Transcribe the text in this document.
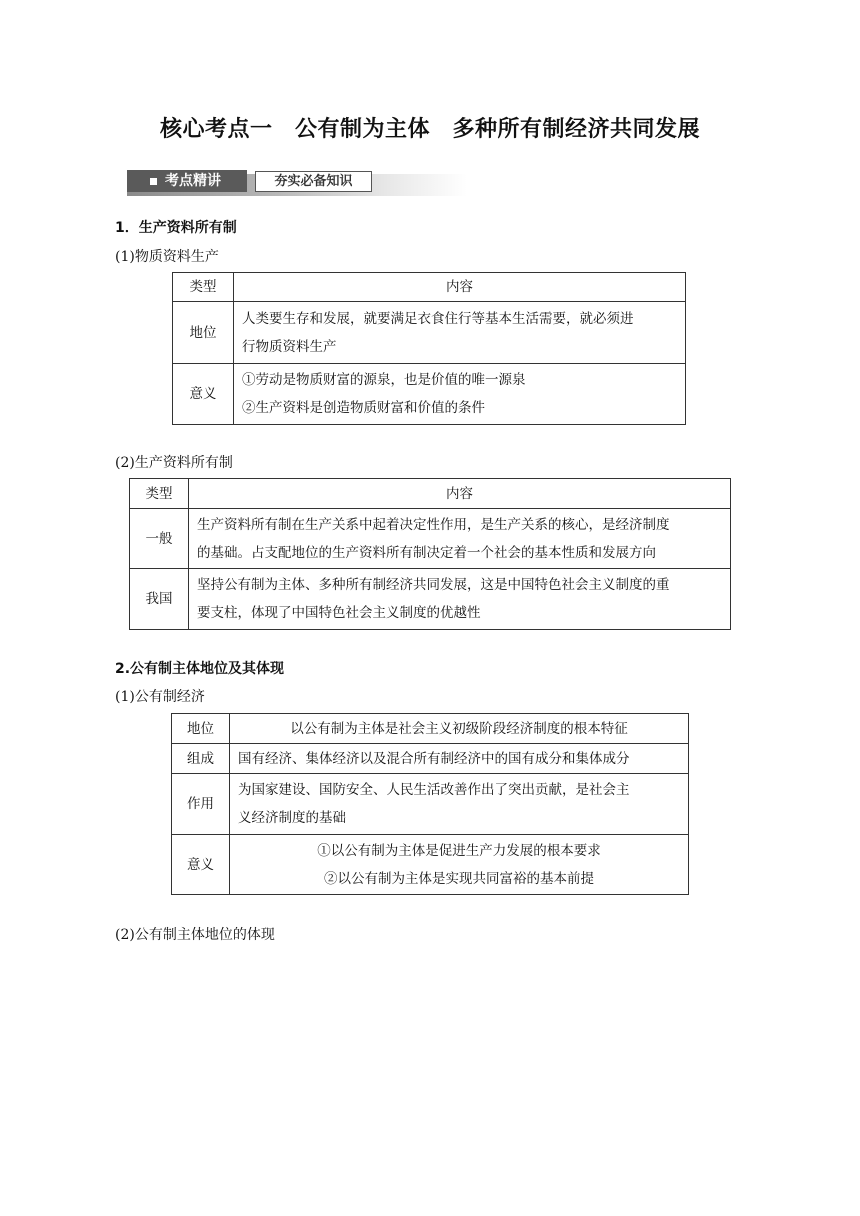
核心考点一　公有制为主体　多种所有制经济共同发展
考点精讲	夯实必备知识
1．生产资料所有制
(1)物质资料生产
类型	内容
地位	人类要生存和发展，就要满足衣食住行等基本生活需要，就必须进
行物质资料生产

意义	①劳动是物质财富的源泉，也是价值的唯一源泉
②生产资料是创造物质财富和价值的条件
(2)生产资料所有制
类型	内容
一般	生产资料所有制在生产关系中起着决定性作用，是生产关系的核心，是经济制度
的基础。占支配地位的生产资料所有制决定着一个社会的基本性质和发展方向

我国	坚持公有制为主体、多种所有制经济共同发展，这是中国特色社会主义制度的重
要支柱，体现了中国特色社会主义制度的优越性
2.公有制主体地位及其体现
(1)公有制经济
地位	以公有制为主体是社会主义初级阶段经济制度的根本特征
组成	国有经济、集体经济以及混合所有制经济中的国有成分和集体成分
作用	为国家建设、国防安全、人民生活改善作出了突出贡献，是社会主
义经济制度的基础

意义	①以公有制为主体是促进生产力发展的根本要求
②以公有制为主体是实现共同富裕的基本前提
(2)公有制主体地位的体现
